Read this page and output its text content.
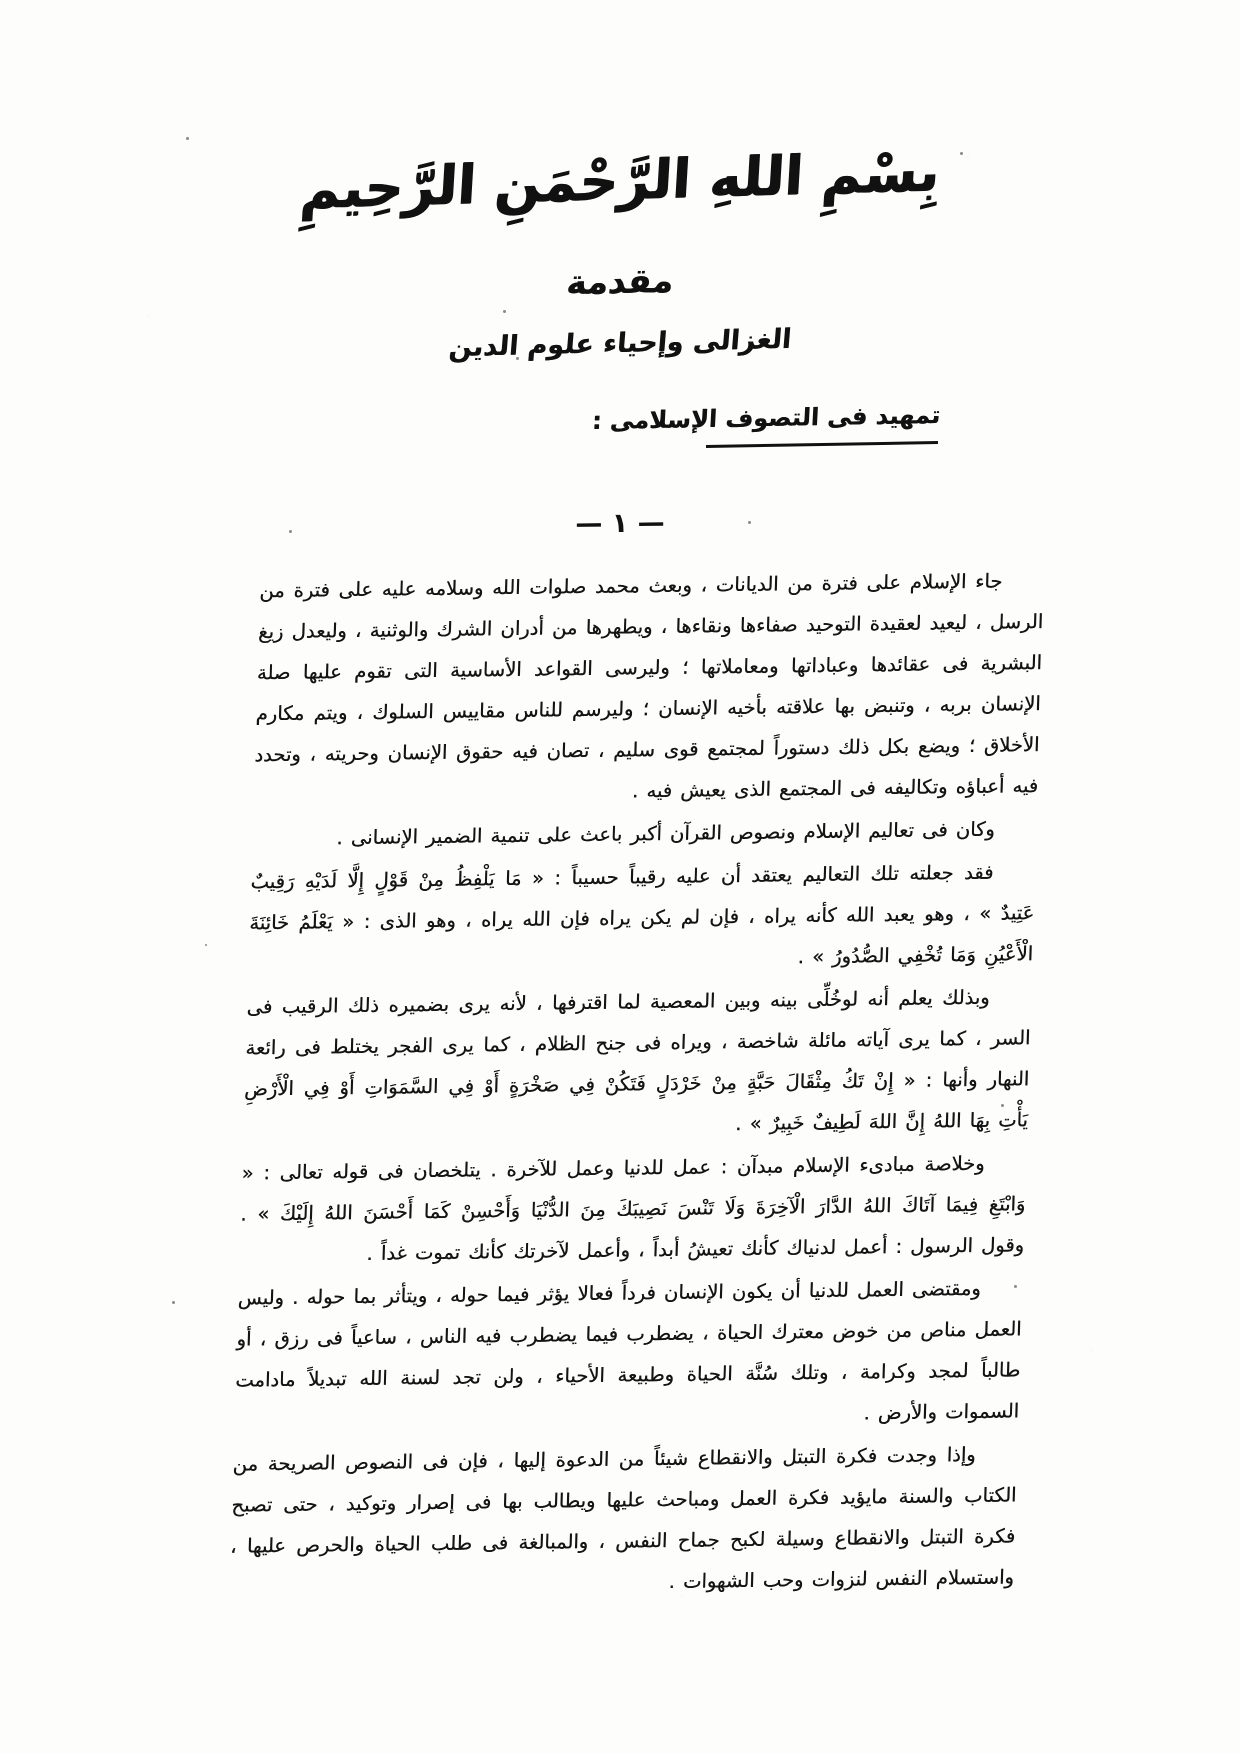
بِسْمِ اللهِ الرَّحْمَنِ الرَّحِيمِ
مقدمة
الغزالى وإحياء علوم الدين
تمهيد فى التصوف الإسلامى :
— ١ —

جاء الإسلام على فترة من الديانات ، وبعث محمد صلوات الله وسلامه عليه على فترة من الرسل ، ليعيد لعقيدة التوحيد صفاءها ونقاءها ، ويطهرها من أدران الشرك والوثنية ، وليعدل زيغ البشرية فى عقائدها وعباداتها ومعاملاتها ؛ وليرسى القواعد الأساسية التى تقوم عليها صلة الإنسان بربه ، وتنبض بها علاقته بأخيه الإنسان ؛ وليرسم للناس مقاييس السلوك ، ويتم مكارم الأخلاق ؛ ويضع بكل ذلك دستوراً لمجتمع قوى سليم ، تصان فيه حقوق الإنسان وحريته ، وتحدد فيه أعباؤه وتكاليفه فى المجتمع الذى يعيش فيه .

وكان فى تعاليم الإسلام ونصوص القرآن أكبر باعث على تنمية الضمير الإنسانى .

فقد جعلته تلك التعاليم يعتقد أن عليه رقيباً حسيباً : « مَا يَلْفِظُ مِنْ قَوْلٍ إِلَّا لَدَيْهِ رَقِيبٌ عَتِيدٌ » ، وهو يعبد الله كأنه يراه ، فإن لم يكن يراه فإن الله يراه ، وهو الذى : « يَعْلَمُ خَائِنَةَ الْأَعْيُنِ وَمَا تُخْفِي الصُّدُورُ » .

وبذلك يعلم أنه لوخُلِّى بينه وبين المعصية لما اقترفها ، لأنه يرى بضميره ذلك الرقيب فى السر ، كما يرى آياته مائلة شاخصة ، ويراه فى جنح الظلام ، كما يرى الفجر يختلط فى رائعة النهار وأنها : « إِنْ تَكُ مِثْقَالَ حَبَّةٍ مِنْ خَرْدَلٍ فَتَكُنْ فِي صَخْرَةٍ أَوْ فِي السَّمَوَاتِ أَوْ فِي الْأَرْضِ يَأْتِ بِهَا اللهُ إِنَّ اللهَ لَطِيفٌ خَبِيرٌ » .

وخلاصة مبادىء الإسلام مبدآن : عمل للدنيا وعمل للآخرة . يتلخصان فى قوله تعالى : « وَابْتَغِ فِيمَا آتَاكَ اللهُ الدَّارَ الْآخِرَةَ وَلَا تَنْسَ نَصِيبَكَ مِنَ الدُّنْيَا وَأَحْسِنْ كَمَا أَحْسَنَ اللهُ إِلَيْكَ » . وقول الرسول : أعمل لدنياك كأنك تعيشُ أبداً ، وأعمل لآخرتك كأنك تموت غداً .

ومقتضى العمل للدنيا أن يكون الإنسان فرداً فعالا يؤثر فيما حوله ، ويتأثر بما حوله . وليس العمل مناص من خوض معترك الحياة ، يضطرب فيما يضطرب فيه الناس ، ساعياً فى رزق ، أو طالباً لمجد وكرامة ، وتلك سُنَّة الحياة وطبيعة الأحياء ، ولن تجد لسنة الله تبديلاً مادامت السموات والأرض .

وإذا وجدت فكرة التبتل والانقطاع شيئاً من الدعوة إليها ، فإن فى النصوص الصريحة من الكتاب والسنة مايؤيد فكرة العمل ومباحث عليها ويطالب بها فى إصرار وتوكيد ، حتى تصبح فكرة التبتل والانقطاع وسيلة لكبح جماح النفس ، والمبالغة فى طلب الحياة والحرص عليها ، واستسلام النفس لنزوات وحب الشهوات .
